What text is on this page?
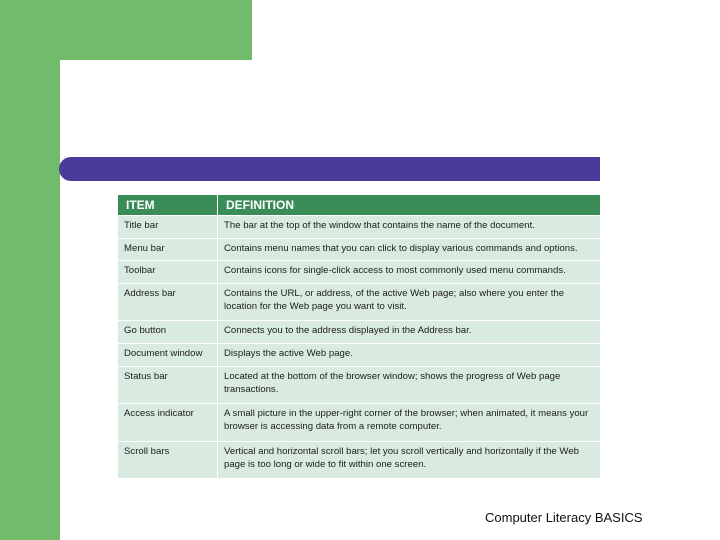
ITEM	DEFINITION
Title bar	The bar at the top of the window that contains the name of the document.
Menu bar	Contains menu names that you can click to display various commands and options.
Toolbar	Contains icons for single-click access to most commonly used menu commands.
Address bar	Contains the URL, or address, of the active Web page; also where you enter the location for the Web page you want to visit.
Go button	Connects you to the address displayed in the Address bar.
Document window	Displays the active Web page.
Status bar	Located at the bottom of the browser window; shows the progress of Web page transactions.
Access indicator	A small picture in the upper-right corner of the browser; when animated, it means your browser is accessing data from a remote computer.
Scroll bars	Vertical and horizontal scroll bars; let you scroll vertically and horizontally if the Web page is too long or wide to fit within one screen.
Computer Literacy BASICS
